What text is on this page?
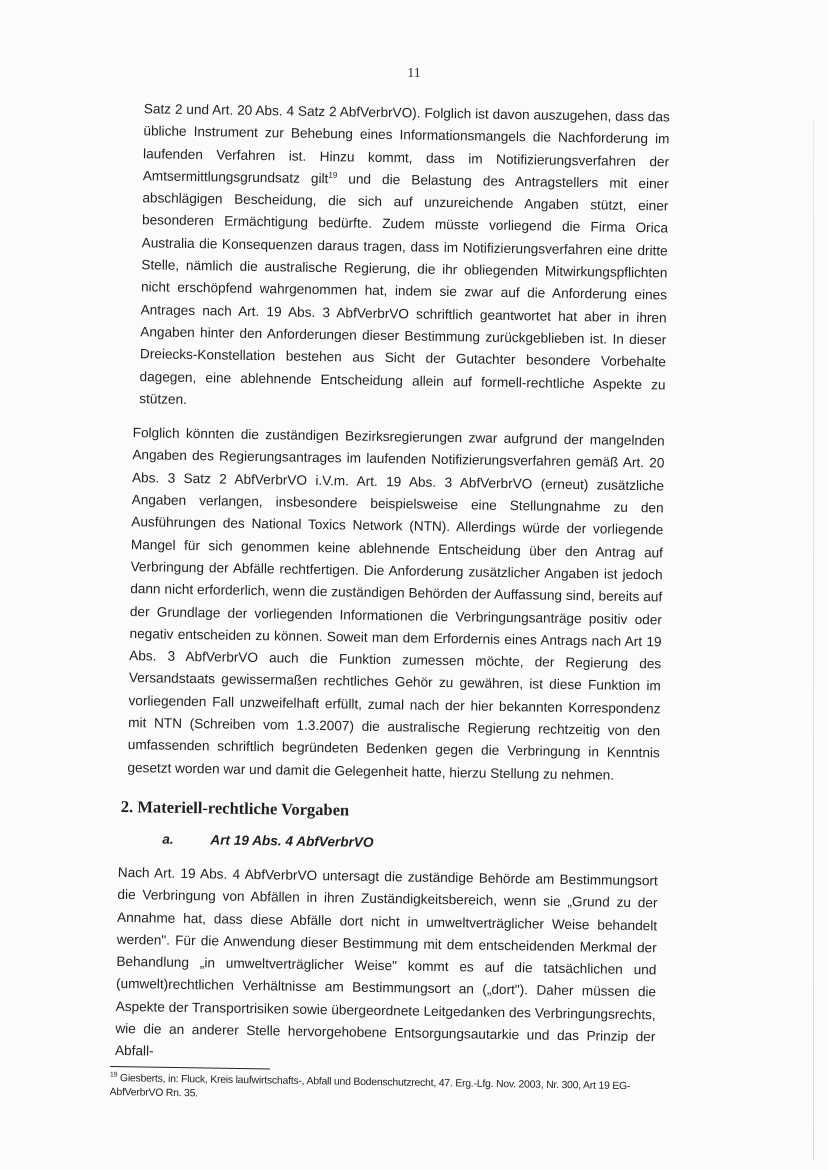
11

Satz 2 und Art. 20 Abs. 4 Satz 2 AbfVerbrVO). Folglich ist davon auszugehen, dass das übliche Instrument zur Behebung eines Informationsmangels die Nachforderung im laufenden Verfahren ist. Hinzu kommt, dass im Notifizierungsverfahren der Amtsermittlungsgrundsatz gilt$^{19}$ und die Belastung des Antragstellers mit einer abschlägigen Bescheidung, die sich auf unzureichende Angaben stützt, einer besonderen Ermächtigung bedürfte. Zudem müsste vorliegend die Firma Orica Australia die Konsequenzen daraus tragen, dass im Notifizierungsverfahren eine dritte Stelle, nämlich die australische Regierung, die ihr obliegenden Mitwirkungspflichten nicht erschöpfend wahrgenommen hat, indem sie zwar auf die Anforderung eines Antrages nach Art. 19 Abs. 3 AbfVerbrVO schriftlich geantwortet hat aber in ihren Angaben hinter den Anforderungen dieser Bestimmung zurückgeblieben ist. In dieser Dreiecks-Konstellation bestehen aus Sicht der Gutachter besondere Vorbehalte dagegen, eine ablehnende Entscheidung allein auf formell-rechtliche Aspekte zu stützen.

Folglich könnten die zuständigen Bezirksregierungen zwar aufgrund der mangelnden Angaben des Regierungsantrages im laufenden Notifizierungsverfahren gemäß Art. 20 Abs. 3 Satz 2 AbfVerbrVO i.V.m. Art. 19 Abs. 3 AbfVerbrVO (erneut) zusätzliche Angaben verlangen, insbesondere beispielsweise eine Stellungnahme zu den Ausführungen des National Toxics Network (NTN). Allerdings würde der vorliegende Mangel für sich genommen keine ablehnende Entscheidung über den Antrag auf Verbringung der Abfälle rechtfertigen. Die Anforderung zusätzlicher Angaben ist jedoch dann nicht erforderlich, wenn die zuständigen Behörden der Auffassung sind, bereits auf der Grundlage der vorliegenden Informationen die Verbringungsanträge positiv oder negativ entscheiden zu können. Soweit man dem Erfordernis eines Antrags nach Art 19 Abs. 3 AbfVerbrVO auch die Funktion zumessen möchte, der Regierung des Versandstaats gewissermaßen rechtliches Gehör zu gewähren, ist diese Funktion im vorliegenden Fall unzweifelhaft erfüllt, zumal nach der hier bekannten Korrespondenz mit NTN (Schreiben vom 1.3.2007) die australische Regierung rechtzeitig von den umfassenden schriftlich begründeten Bedenken gegen die Verbringung in Kenntnis gesetzt worden war und damit die Gelegenheit hatte, hierzu Stellung zu nehmen.

2. Materiell-rechtliche Vorgaben
a.	Art 19 Abs. 4 AbfVerbrVO

Nach Art. 19 Abs. 4 AbfVerbrVO untersagt die zuständige Behörde am Bestimmungsort die Verbringung von Abfällen in ihren Zuständigkeitsbereich, wenn sie „Grund zu der Annahme hat, dass diese Abfälle dort nicht in umweltverträglicher Weise behandelt werden". Für die Anwendung dieser Bestimmung mit dem entscheidenden Merkmal der Behandlung „in umweltverträglicher Weise" kommt es auf die tatsächlichen und (umwelt)rechtlichen Verhältnisse am Bestimmungsort an („dort"). Daher müssen die Aspekte der Transportrisiken sowie übergeordnete Leitgedanken des Verbringungsrechts, wie die an anderer Stelle hervorgehobene Entsorgungsautarkie und das Prinzip der Abfall-

$^{19}$ Giesberts, in: Fluck, Kreis laufwirtschafts-, Abfall und Bodenschutzrecht, 47. Erg.-Lfg. Nov. 2003, Nr. 300, Art 19 EG-AbfVerbrVO Rn. 35.
